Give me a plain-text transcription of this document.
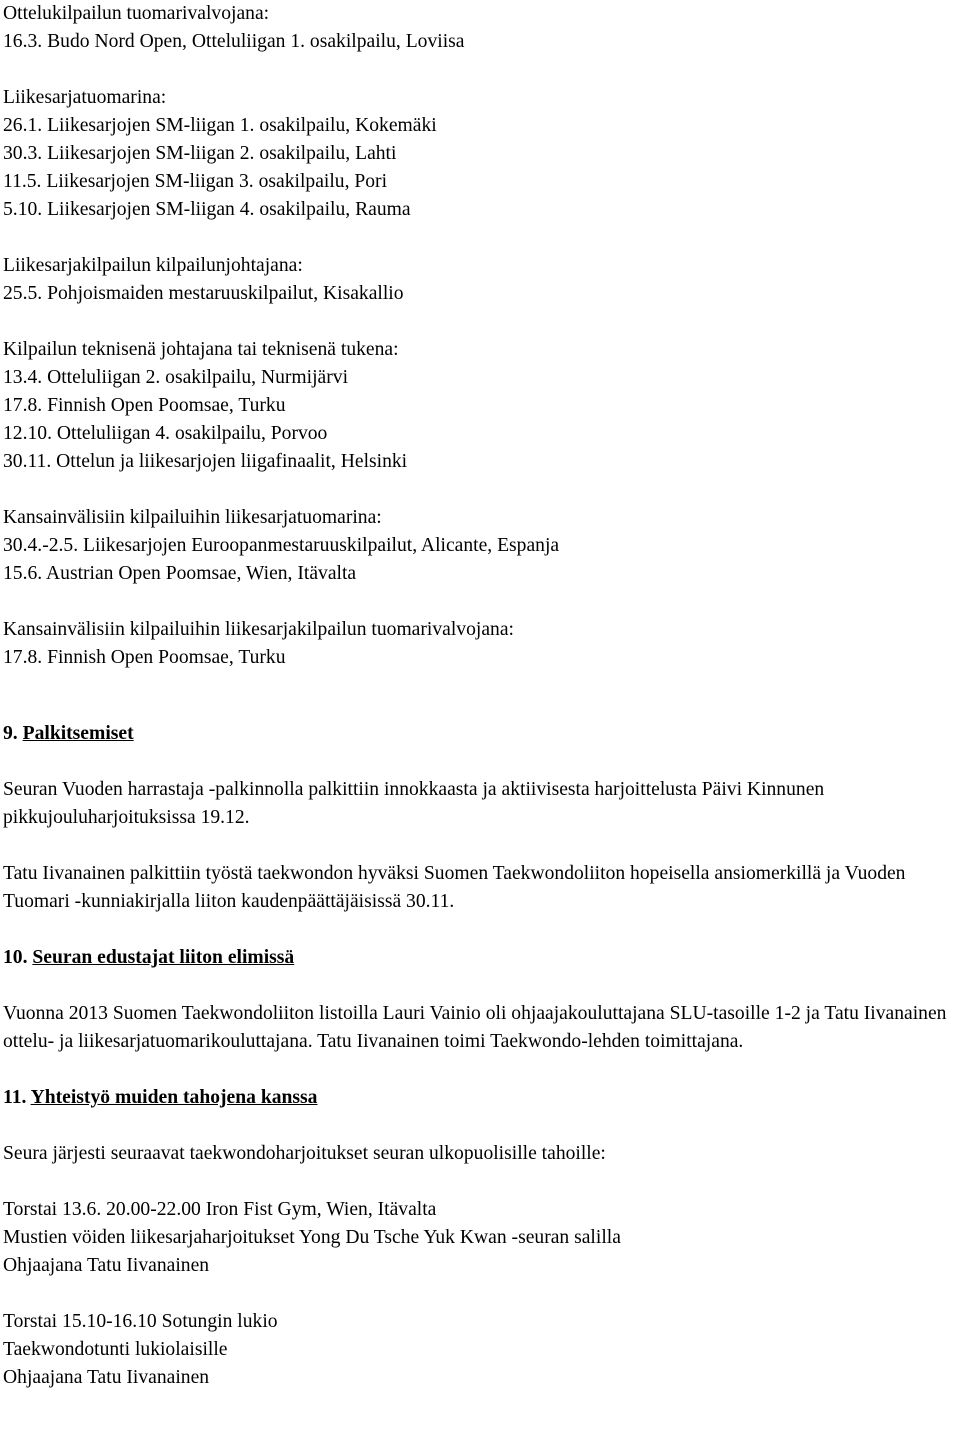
Ottelukilpailun tuomarivalvojana:
16.3. Budo Nord Open, Otteluliigan 1. osakilpailu, Loviisa
Liikesarjatuomarina:
26.1. Liikesarjojen SM-liigan 1. osakilpailu, Kokemäki
30.3. Liikesarjojen SM-liigan 2. osakilpailu, Lahti
11.5. Liikesarjojen SM-liigan 3. osakilpailu, Pori
5.10. Liikesarjojen SM-liigan 4. osakilpailu, Rauma
Liikesarjakilpailun kilpailunjohtajana:
25.5. Pohjoismaiden mestaruuskilpailut, Kisakallio
Kilpailun teknisenä johtajana tai teknisenä tukena:
13.4. Otteluliigan 2. osakilpailu, Nurmijärvi
17.8. Finnish Open Poomsae, Turku
12.10. Otteluliigan 4. osakilpailu, Porvoo
30.11. Ottelun ja liikesarjojen liigafinaalit, Helsinki
Kansainvälisiin kilpailuihin liikesarjatuomarina:
30.4.-2.5. Liikesarjojen Euroopanmestaruuskilpailut, Alicante, Espanja
15.6. Austrian Open Poomsae, Wien, Itävalta
Kansainvälisiin kilpailuihin liikesarjakilpailun tuomarivalvojana:
17.8. Finnish Open Poomsae, Turku
9. Palkitsemiset
Seuran Vuoden harrastaja -palkinnolla palkittiin innokkaasta ja aktiivisesta harjoittelusta Päivi Kinnunen pikkujouluharjoituksissa 19.12.
Tatu Iivanainen palkittiin työstä taekwondon hyväksi Suomen Taekwondoliiton hopeisella ansiomerkillä ja Vuoden Tuomari -kunniakirjalla liiton kaudenpäättäjäisissä 30.11.
10. Seuran edustajat liiton elimissä
Vuonna 2013 Suomen Taekwondoliiton listoilla Lauri Vainio oli ohjaajakouluttajana SLU-tasoille 1-2 ja Tatu Iivanainen ottelu- ja liikesarjatuomarikouluttajana. Tatu Iivanainen toimi Taekwondo-lehden toimittajana.
11. Yhteistyö muiden tahojena kanssa
Seura järjesti seuraavat taekwondoharjoitukset seuran ulkopuolisille tahoille:
Torstai 13.6. 20.00-22.00 Iron Fist Gym, Wien, Itävalta
Mustien vöiden liikesarjaharjoitukset Yong Du Tsche Yuk Kwan -seuran salilla
Ohjaajana Tatu Iivanainen
Torstai 15.10-16.10 Sotungin lukio
Taekwondotunti lukiolaisille
Ohjaajana Tatu Iivanainen
